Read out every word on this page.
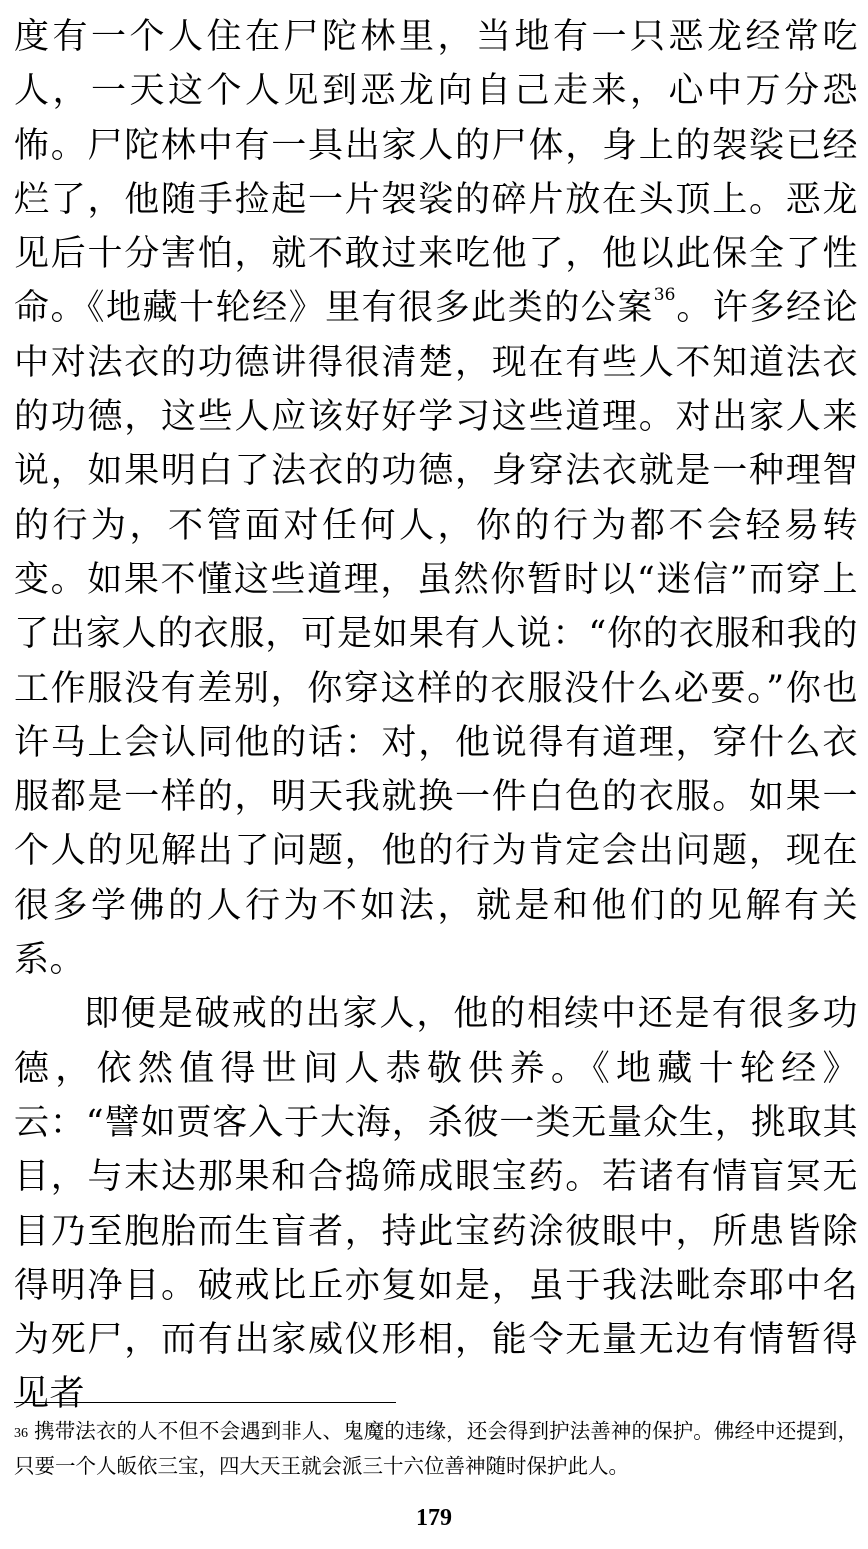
度有一个人住在尸陀林里，当地有一只恶龙经常吃人，一天这个人见到恶龙向自己走来，心中万分恐怖。尸陀林中有一具出家人的尸体，身上的袈裟已经烂了，他随手捡起一片袈裟的碎片放在头顶上。恶龙见后十分害怕，就不敢过来吃他了，他以此保全了性命。《地藏十轮经》里有很多此类的公案$^{36}$。许多经论中对法衣的功德讲得很清楚，现在有些人不知道法衣的功德，这些人应该好好学习这些道理。对出家人来说，如果明白了法衣的功德，身穿法衣就是一种理智的行为，不管面对任何人，你的行为都不会轻易转变。如果不懂这些道理，虽然你暂时以“迷信”而穿上了出家人的衣服，可是如果有人说：“你的衣服和我的工作服没有差别，你穿这样的衣服没什么必要。”你也许马上会认同他的话：对，他说得有道理，穿什么衣服都是一样的，明天我就换一件白色的衣服。如果一个人的见解出了问题，他的行为肯定会出问题，现在很多学佛的人行为不如法，就是和他们的见解有关系。

即便是破戒的出家人，他的相续中还是有很多功德，依然值得世间人恭敬供养。《地藏十轮经》云：“譬如贾客入于大海，杀彼一类无量众生，挑取其目，与末达那果和合捣筛成眼宝药。若诸有情盲冥无目乃至胞胎而生盲者，持此宝药涂彼眼中，所患皆除得明净目。破戒比丘亦复如是，虽于我法毗奈耶中名为死尸，而有出家威仪形相，能令无量无边有情暂得见者

$^{36}$ 携带法衣的人不但不会遇到非人、鬼魔的违缘，还会得到护法善神的保护。佛经中还提到，只要一个人皈依三宝，四大天王就会派三十六位善神随时保护此人。
179
